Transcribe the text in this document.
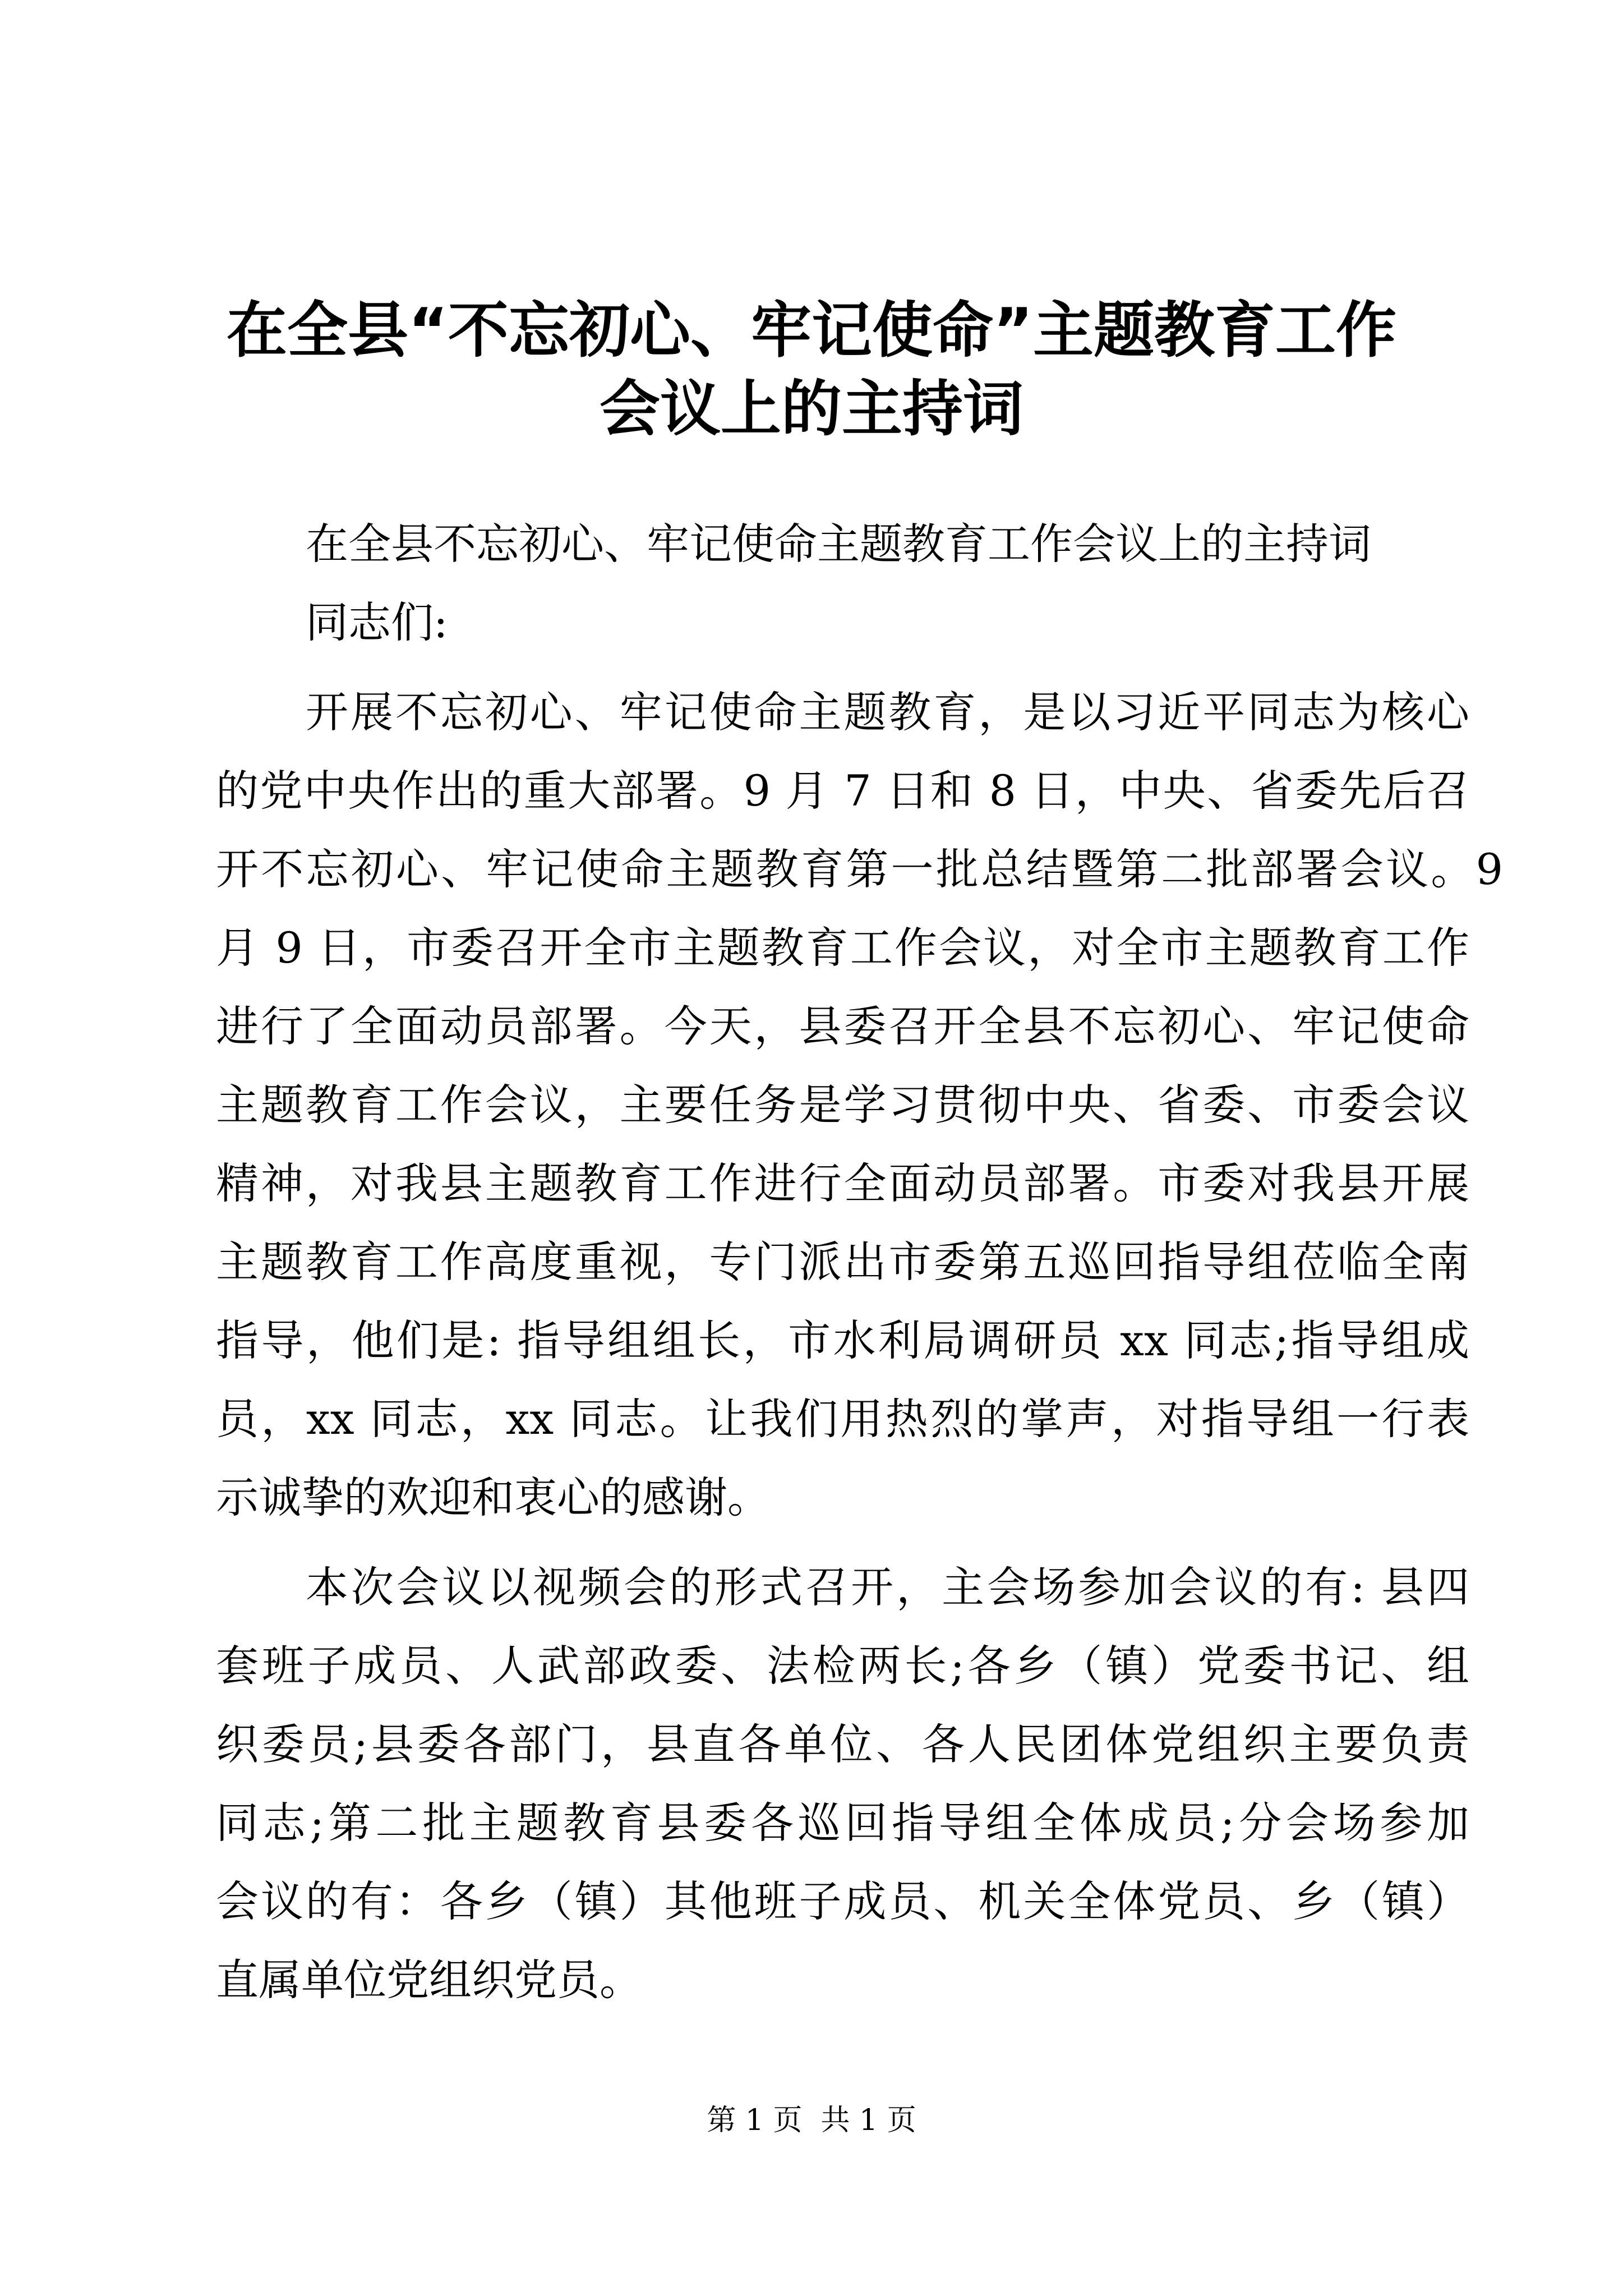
在全县“不忘初心、牢记使命”主题教育工作
会议上的主持词
在全县不忘初心、牢记使命主题教育工作会议上的主持词
同志们:
开展不忘初心、牢记使命主题教育，是以习近平同志为核心
的党中央作出的重大部署。9 月 7 日和 8 日，中央、省委先后召
开不忘初心、牢记使命主题教育第一批总结暨第二批部署会议。9
月 9 日，市委召开全市主题教育工作会议，对全市主题教育工作
进行了全面动员部署。今天，县委召开全县不忘初心、牢记使命
主题教育工作会议，主要任务是学习贯彻中央、省委、市委会议
精神，对我县主题教育工作进行全面动员部署。市委对我县开展
主题教育工作高度重视，专门派出市委第五巡回指导组莅临全南
指导，他们是: 指导组组长，市水利局调研员 xx 同志;指导组成
员，xx 同志，xx 同志。让我们用热烈的掌声，对指导组一行表
示诚挚的欢迎和衷心的感谢。
本次会议以视频会的形式召开，主会场参加会议的有: 县四
套班子成员、人武部政委、法检两长;各乡（镇）党委书记、组
织委员;县委各部门，县直各单位、各人民团体党组织主要负责
同志;第二批主题教育县委各巡回指导组全体成员;分会场参加
会议的有：各乡（镇）其他班子成员、机关全体党员、乡（镇）
直属单位党组织党员。
第 1 页  共 1 页
